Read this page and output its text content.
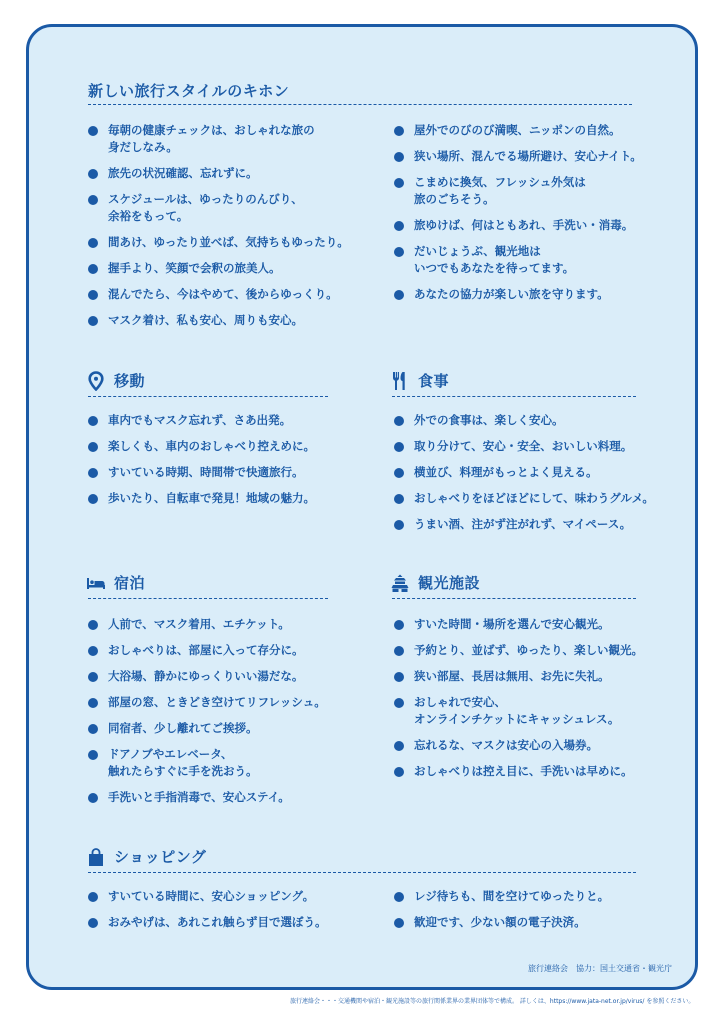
新しい旅行スタイルのキホン
毎朝の健康チェックは、おしゃれな旅の
身だしなみ。
旅先の状況確認、忘れずに。
スケジュールは、ゆったりのんびり、
余裕をもって。
間あけ、ゆったり並べば、気持ちもゆったり。
握手より、笑顔で会釈の旅美人。
混んでたら、今はやめて、後からゆっくり。
マスク着け、私も安心、周りも安心。
屋外でのびのび満喫、ニッポンの自然。
狭い場所、混んでる場所避け、安心ナイト。
こまめに換気、フレッシュ外気は
旅のごちそう。
旅ゆけば、何はともあれ、手洗い・消毒。
だいじょうぶ、観光地は
いつでもあなたを待ってます。
あなたの協力が楽しい旅を守ります。
移動
車内でもマスク忘れず、さあ出発。
楽しくも、車内のおしゃべり控えめに。
すいている時期、時間帯で快適旅行。
歩いたり、自転車で発見！地域の魅力。
食事
外での食事は、楽しく安心。
取り分けて、安心・安全、おいしい料理。
横並び、料理がもっとよく見える。
おしゃべりをほどほどにして、味わうグルメ。
うまい酒、注がず注がれず、マイペース。
宿泊
人前で、マスク着用、エチケット。
おしゃべりは、部屋に入って存分に。
大浴場、静かにゆっくりいい湯だな。
部屋の窓、ときどき空けてリフレッシュ。
同宿者、少し離れてご挨拶。
ドアノブやエレベータ、
触れたらすぐに手を洗おう。
手洗いと手指消毒で、安心ステイ。
観光施設
すいた時間・場所を選んで安心観光。
予約とり、並ばず、ゆったり、楽しい観光。
狭い部屋、長居は無用、お先に失礼。
おしゃれで安心、
オンラインチケットにキャッシュレス。
忘れるな、マスクは安心の入場券。
おしゃべりは控え目に、手洗いは早めに。
ショッピング
すいている時間に、安心ショッピング。
おみやげは、あれこれ触らず目で選ぼう。
レジ待ちも、間を空けてゆったりと。
歓迎です、少ない額の電子決済。
旅行連絡会　協力：国土交通省・観光庁
旅行連絡会・・・交通機関や宿泊・観光施設等の旅行関係業界の業界団体等で構成。 詳しくは、https://www.jata-net.or.jp/virus/ を参照ください。
